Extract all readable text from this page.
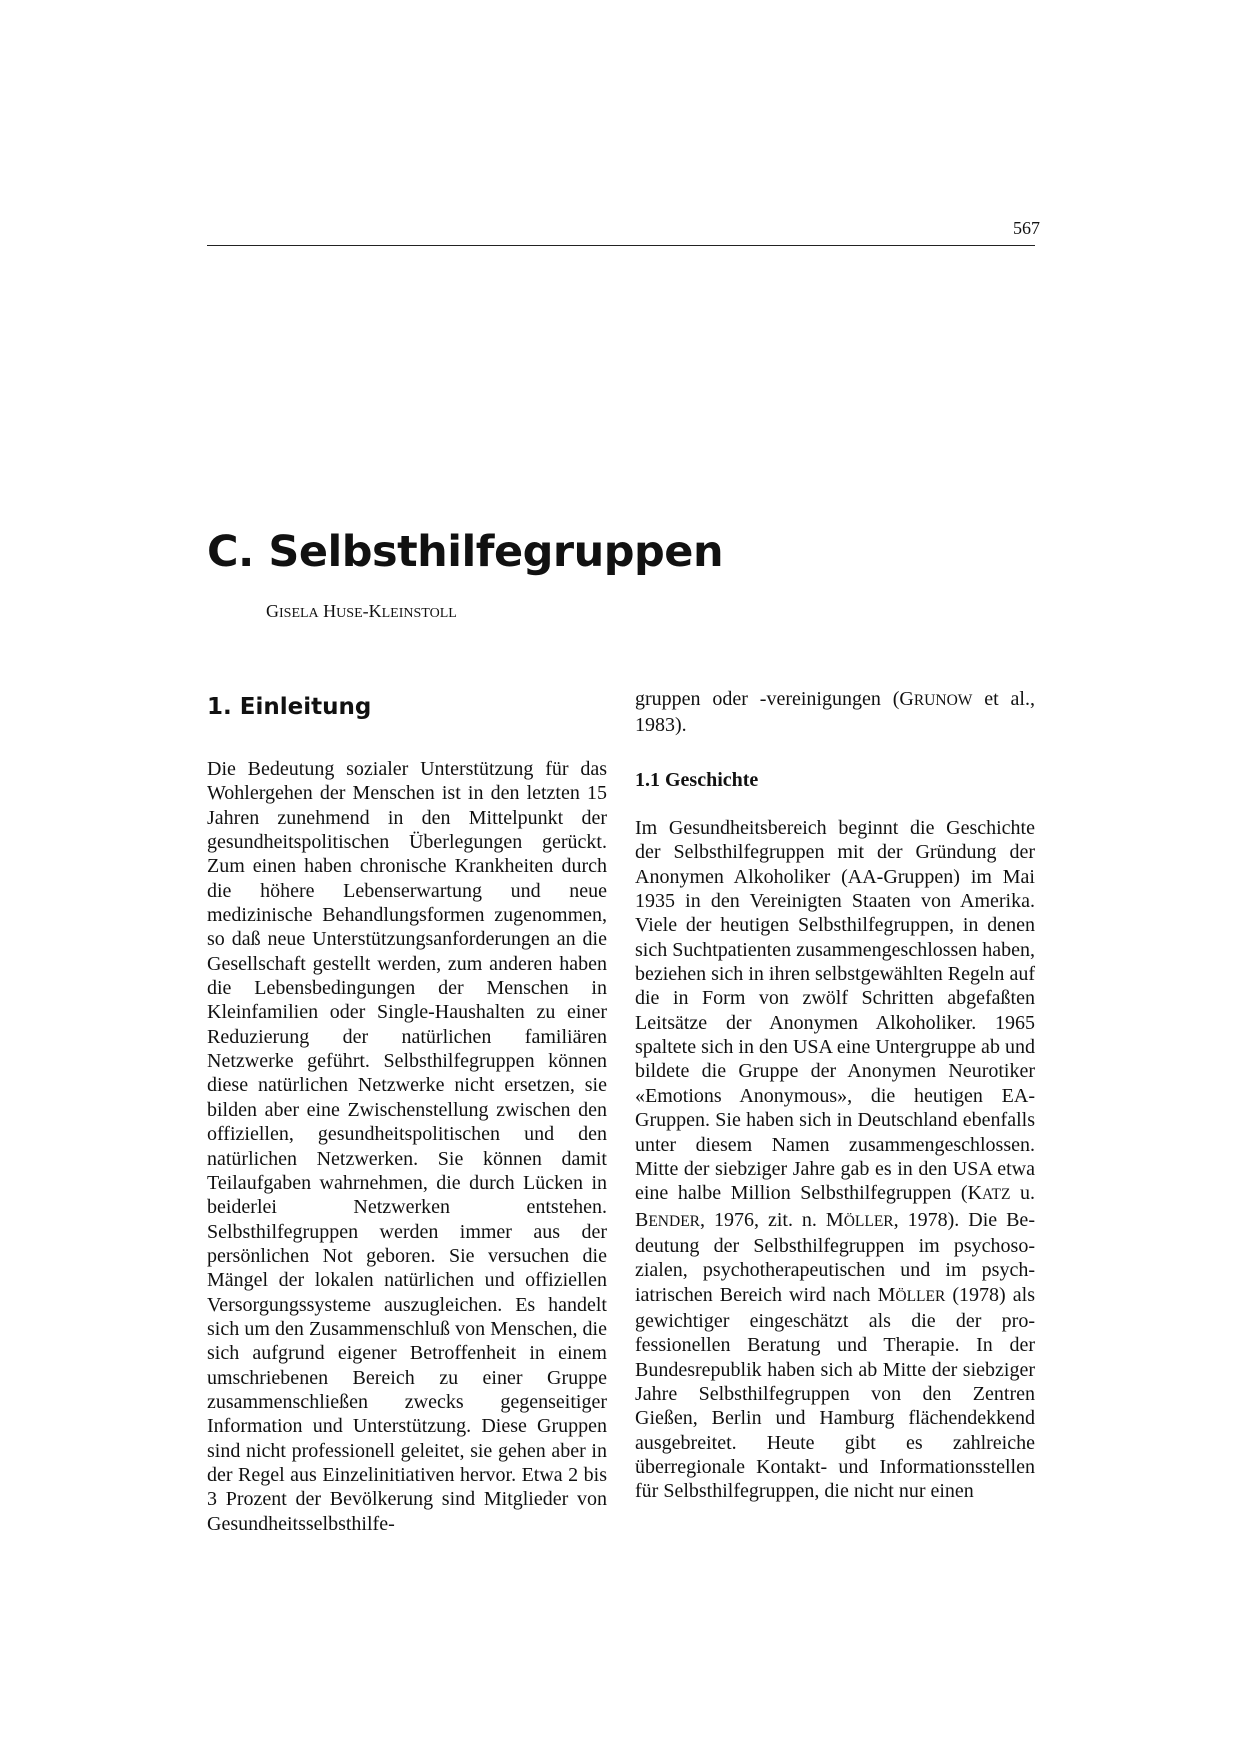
567
C. Selbsthilfegruppen
GISELA HUSE-KLEINSTOLL
1. Einleitung

Die Bedeutung sozialer Unterstützung für das Wohlergehen der Menschen ist in den letzten 15 Jahren zunehmend in den Mittelpunkt der gesundheitspolitischen Überlegungen gerückt. Zum einen haben chronische Krankheiten durch die höhere Lebenserwartung und neue medizinische Behandlungsformen zugenommen, so daß neue Unterstützungsanforderungen an die Gesellschaft gestellt werden, zum anderen haben die Lebensbedingungen der Menschen in Kleinfamilien oder Single-Haushalten zu einer Reduzierung der natürlichen familiären Netzwerke geführt. Selbsthilfegruppen können diese natürlichen Netzwerke nicht ersetzen, sie bilden aber eine Zwischenstellung zwischen den offiziellen, gesundheitspolitischen und den natürlichen Netzwerken. Sie können damit Teilaufgaben wahrnehmen, die durch Lücken in beiderlei Netzwerken entstehen. Selbsthilfegruppen werden immer aus der persönlichen Not geboren. Sie versuchen die Mängel der lokalen natürlichen und offiziellen Versorgungssysteme auszugleichen. Es handelt sich um den Zusammenschluß von Menschen, die sich aufgrund eigener Betroffenheit in einem umschriebenen Bereich zu einer Gruppe zusammenschließen zwecks gegenseitiger Information und Unterstützung. Diese Gruppen sind nicht professionell geleitet, sie gehen aber in der Regel aus Einzelinitiativen hervor. Etwa 2 bis 3 Prozent der Bevölkerung sind Mitglieder von Gesundheitsselbsthilfe-

gruppen oder -vereinigungen (GRUNOW et al., 1983).

1.1 Geschichte

Im Gesundheitsbereich beginnt die Geschichte der Selbsthilfegruppen mit der Gründung der Anonymen Alkoholiker (AA-Gruppen) im Mai 1935 in den Vereinigten Staaten von Amerika. Viele der heutigen Selbsthilfegruppen, in denen sich Suchtpatienten zusammengeschlossen haben, beziehen sich in ihren selbstgewählten Regeln auf die in Form von zwölf Schritten abgefaßten Leitsätze der Anonymen Alkoholiker. 1965 spaltete sich in den USA eine Untergruppe ab und bildete die Gruppe der Anonymen Neurotiker «Emotions Anonymous», die heutigen EA-Gruppen. Sie haben sich in Deutschland ebenfalls unter diesem Namen zusammengeschlossen. Mitte der siebziger Jahre gab es in den USA etwa eine halbe Million Selbsthilfegruppen (KATZ u. BENDER, 1976, zit. n. MÖLLER, 1978). Die Bedeutung der Selbsthilfegruppen im psychosozialen, psychotherapeutischen und im psychiatrischen Bereich wird nach MÖLLER (1978) als gewichtiger eingeschätzt als die der professionellen Beratung und Therapie. In der Bundesrepublik haben sich ab Mitte der siebziger Jahre Selbsthilfegruppen von den Zentren Gießen, Berlin und Hamburg flächendekkend ausgebreitet. Heute gibt es zahlreiche überregionale Kontakt- und Informationsstellen für Selbsthilfegruppen, die nicht nur einen
